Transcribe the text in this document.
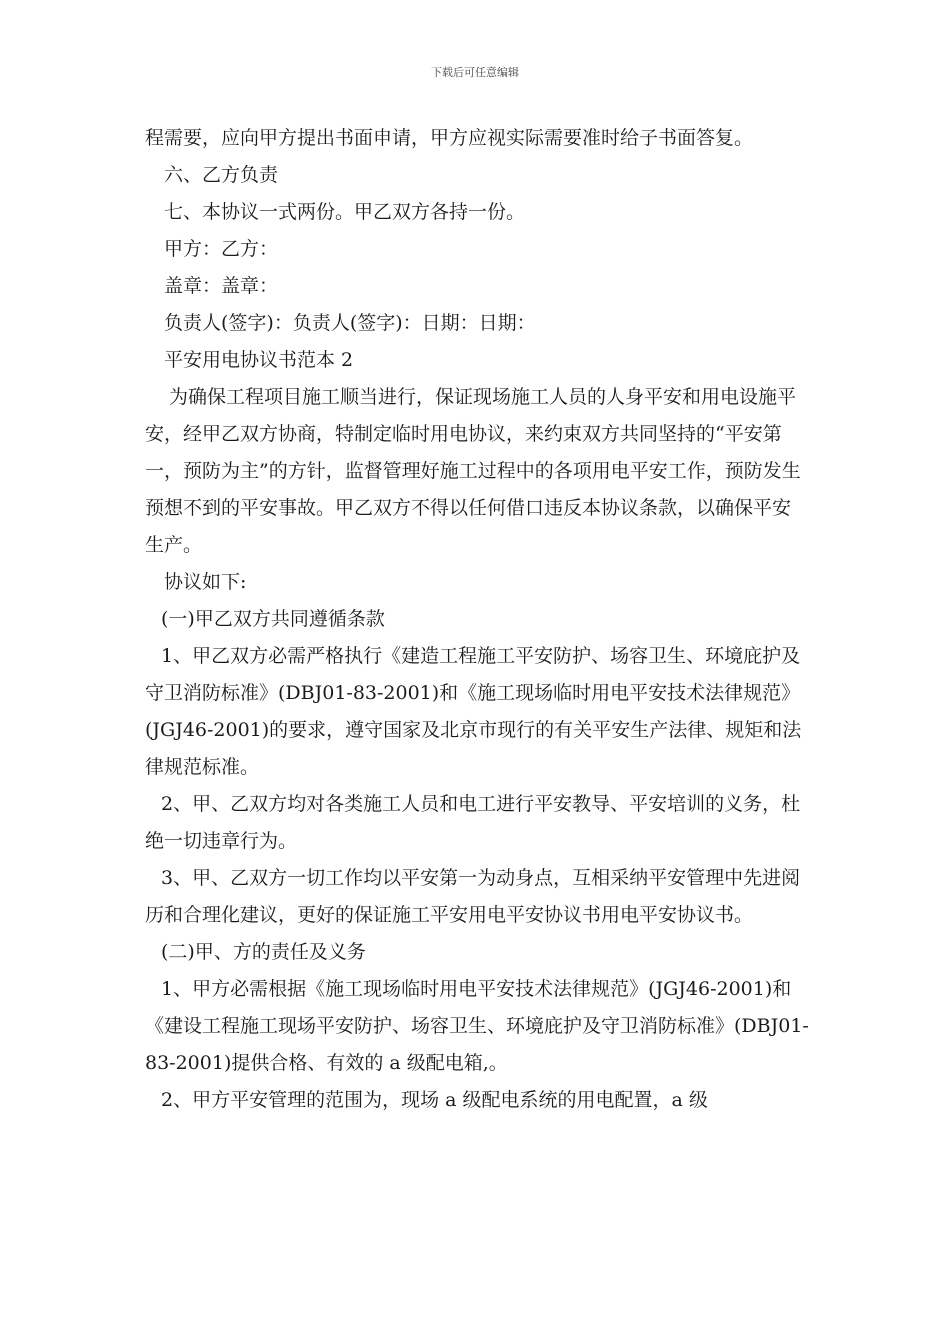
下载后可任意编辑

程需要，应向甲方提出书面申请，甲方应视实际需要准时给子书面答复。

六、乙方负责

七、本协议一式两份。甲乙双方各持一份。

甲方：乙方：

盖章：盖章：

负责人(签字)：负责人(签字)：日期：日期：

平安用电协议书范本 2

为确保工程项目施工顺当进行，保证现场施工人员的人身平安和用电设施平安，经甲乙双方协商，特制定临时用电协议，来约束双方共同坚持的“平安第一，预防为主”的方针，监督管理好施工过程中的各项用电平安工作，预防发生预想不到的平安事故。甲乙双方不得以任何借口违反本协议条款，以确保平安生产。

协议如下:

(一)甲乙双方共同遵循条款

1、甲乙双方必需严格执行《建造工程施工平安防护、场容卫生、环境庇护及守卫消防标准》(DBJ01-83-2001)和《施工现场临时用电平安技术法律规范》(JGJ46-2001)的要求，遵守国家及北京市现行的有关平安生产法律、规矩和法律规范标准。

2、甲、乙双方均对各类施工人员和电工进行平安教导、平安培训的义务，杜绝一切违章行为。

3、甲、乙双方一切工作均以平安第一为动身点，互相采纳平安管理中先进阅历和合理化建议，更好的保证施工平安用电平安协议书用电平安协议书。

(二)甲、方的责任及义务

1、甲方必需根据《施工现场临时用电平安技术法律规范》(JGJ46-2001)和《建设工程施工现场平安防护、场容卫生、环境庇护及守卫消防标准》(DBJ01-83-2001)提供合格、有效的 a 级配电箱,。

2、甲方平安管理的范围为，现场 a 级配电系统的用电配置，a 级
